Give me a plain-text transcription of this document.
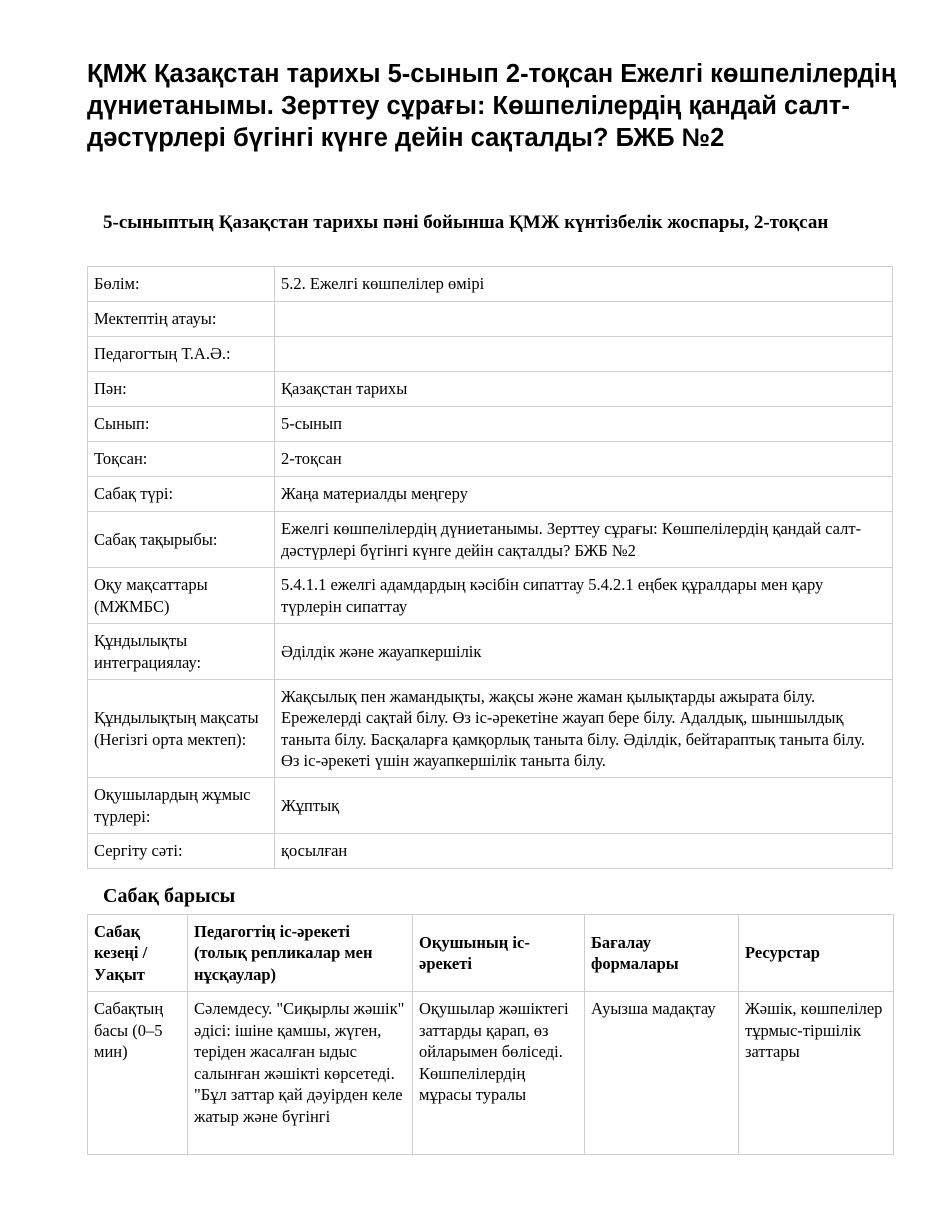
ҚМЖ Қазақстан тарихы 5-сынып 2-тоқсан Ежелгі көшпелілердің дүниетанымы. Зерттеу сұрағы: Көшпелілердің қандай салт-дәстүрлері бүгінгі күнге дейін сақталды? БЖБ №2
5-сыныптың Қазақстан тарихы пәні бойынша ҚМЖ күнтізбелік жоспары, 2-тоқсан
Бөлім:	5.2. Ежелгі көшпелілер өмірі
Мектептің атауы:	
Педагогтың Т.А.Ә.:	
Пән:	Қазақстан тарихы
Сынып:	5-сынып
Тоқсан:	2-тоқсан
Сабақ түрі:	Жаңа материалды меңгеру
Сабақ тақырыбы:	Ежелгі көшпелілердің дүниетанымы. Зерттеу сұрағы: Көшпелілердің қандай салт-дәстүрлері бүгінгі күнге дейін сақталды? БЖБ №2
Оқу мақсаттары (МЖМБС)	5.4.1.1 ежелгі адамдардың кәсібін сипаттау 5.4.2.1 еңбек құралдары мен қару түрлерін сипаттау
Құндылықты интеграциялау:	Әділдік және жауапкершілік
Құндылықтың мақсаты (Негізгі орта мектеп):	Жақсылық пен жамандықты, жақсы және жаман қылықтарды ажырата білу. Ережелерді сақтай білу. Өз іс-әрекетіне жауап бере білу. Адалдық, шыншылдық таныта білу. Басқаларға қамқорлық таныта білу. Әділдік, бейтараптық таныта білу. Өз іс-әрекеті үшін жауапкершілік таныта білу.
Оқушылардың жұмыс түрлері:	Жұптық
Сергіту сәті:	қосылған
Сабақ барысы
Сабақ кезеңі / Уақыт	Педагогтің іс-әрекеті (толық репликалар мен нұсқаулар)	Оқушының іс-әрекеті	Бағалау формалары	Ресурстар
Сабақтың басы (0–5 мин)	Сәлемдесу. "Сиқырлы жәшік" әдісі: ішіне қамшы, жүген, теріден жасалған ыдыс салынған жәшікті көрсетеді. "Бұл заттар қай дәуірден келе жатыр және бүгінгі	Оқушылар жәшіктегі заттарды қарап, өз ойларымен бөліседі. Көшпелілердің мұрасы туралы	Ауызша мадақтау	Жәшік, көшпелілер тұрмыс-тіршілік заттары
